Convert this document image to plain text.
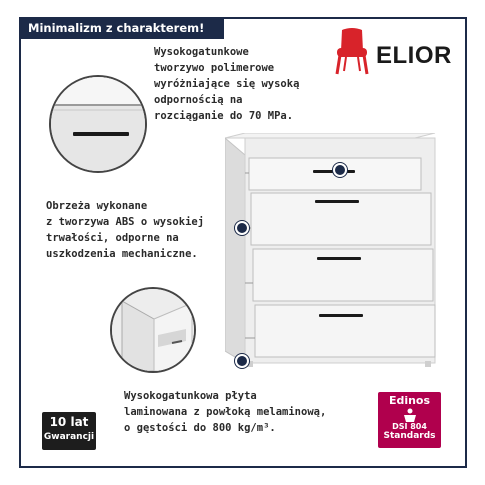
Minimalizm z charakterem!
ELIOR
Wysokogatunkowe
tworzywo polimerowe
wyróżniające się wysoką
odpornością na
rozciąganie do 70 MPa.
Obrzeża wykonane
z tworzywa ABS o wysokiej
trwałości, odporne na
uszkodzenia mechaniczne.
Wysokogatunkowa płyta
laminowana z powłoką melaminową,
o gęstości do 800 kg/m³.
10 lat
Gwarancji
Edinos
DSI 804
Standards
